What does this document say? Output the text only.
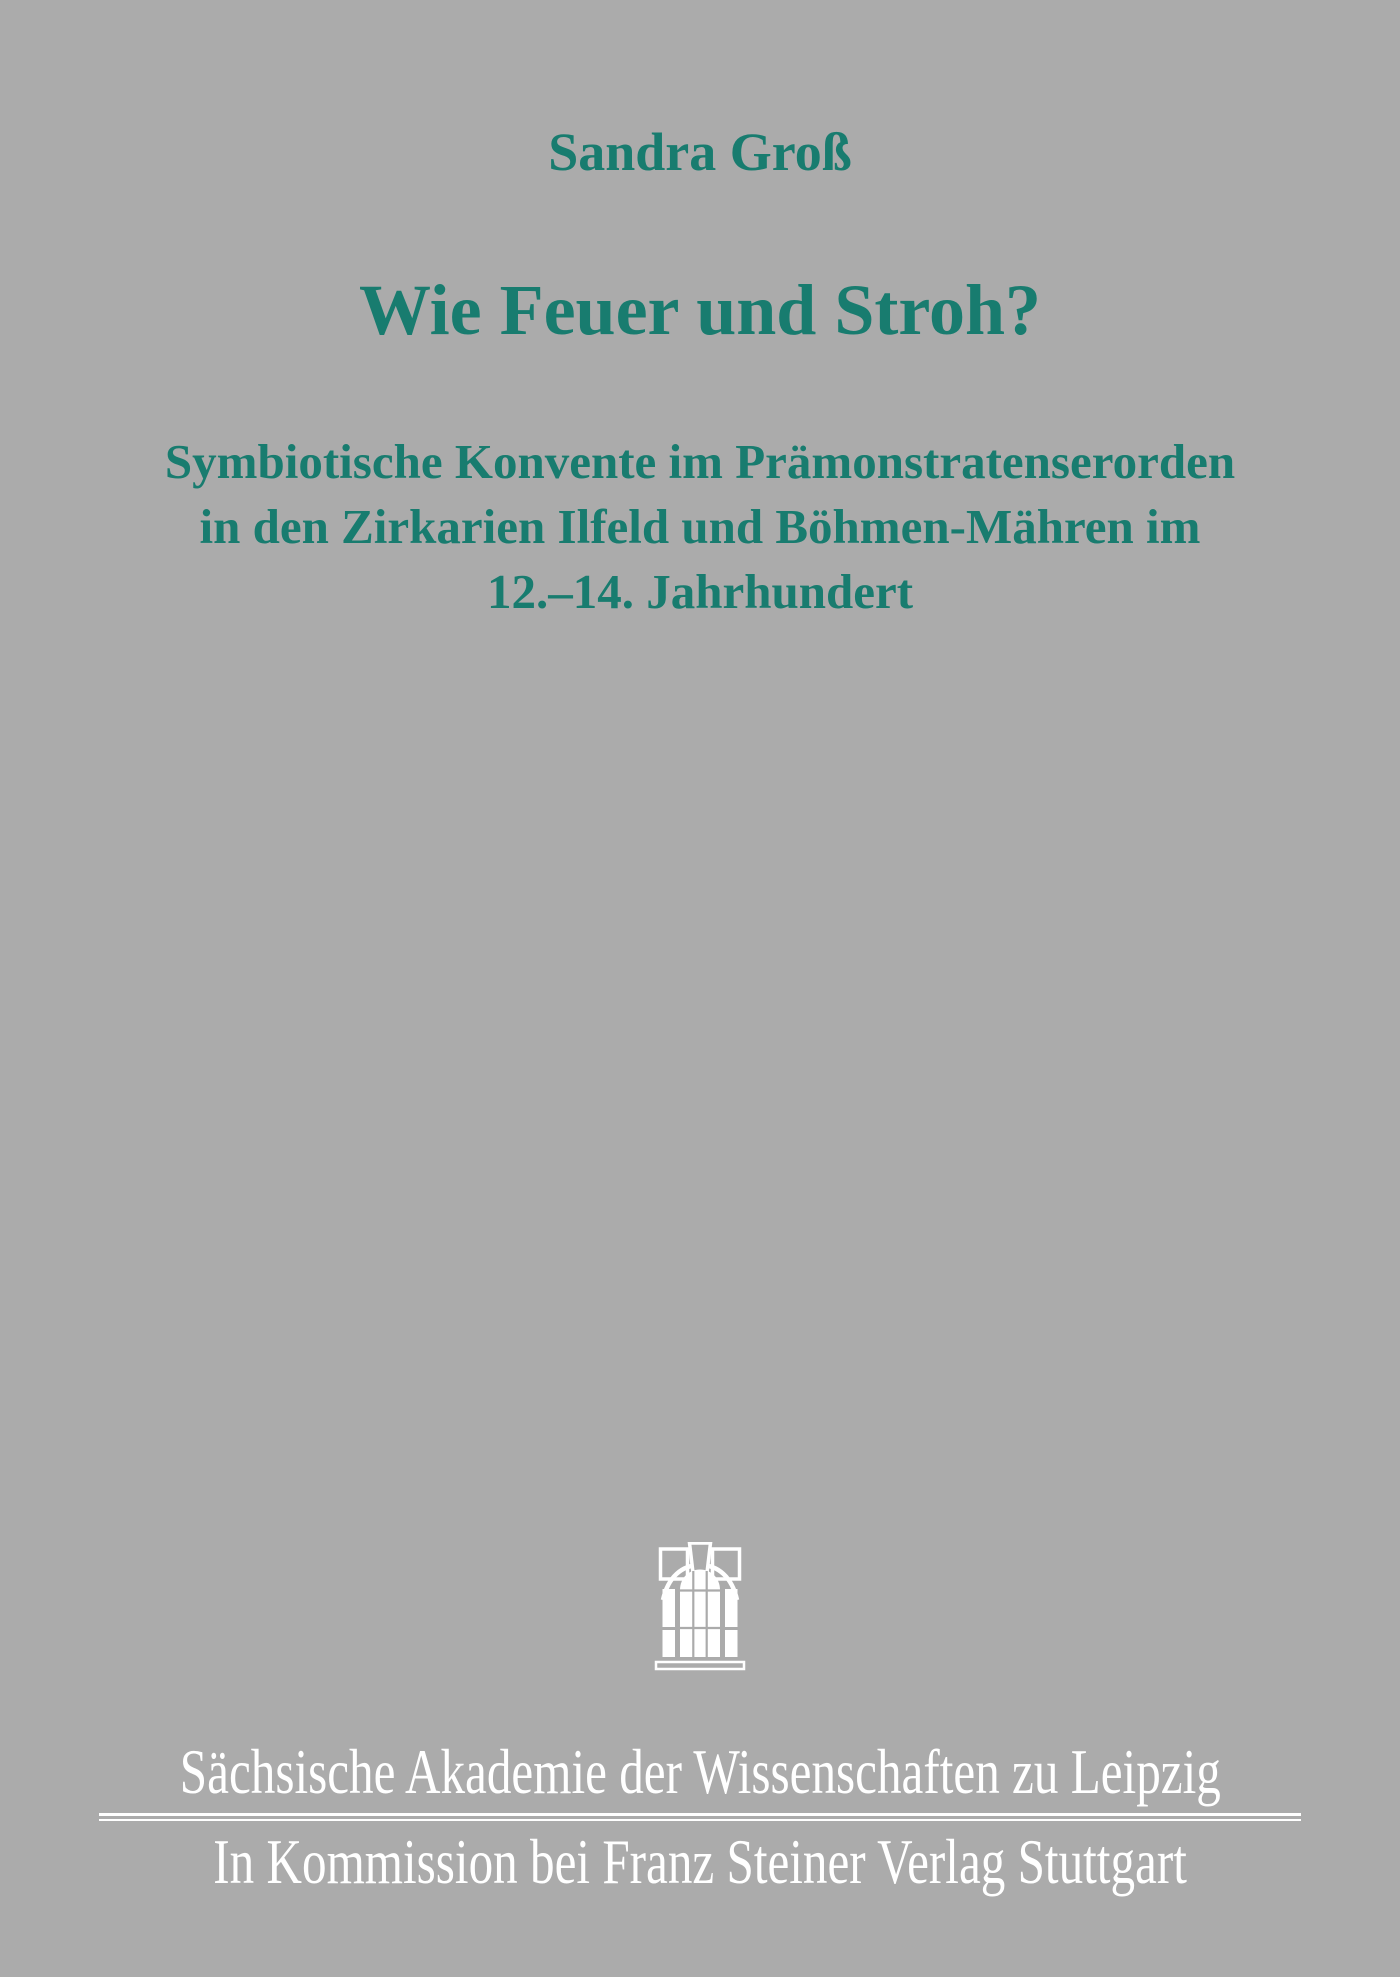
Sandra Groß
Wie Feuer und Stroh?
Symbiotische Konvente im Prämonstratenserorden
in den Zirkarien Ilfeld und Böhmen-Mähren im
12.–14. Jahrhundert
Sächsische Akademie der Wissenschaften zu Leipzig
In Kommission bei Franz Steiner Verlag Stuttgart
